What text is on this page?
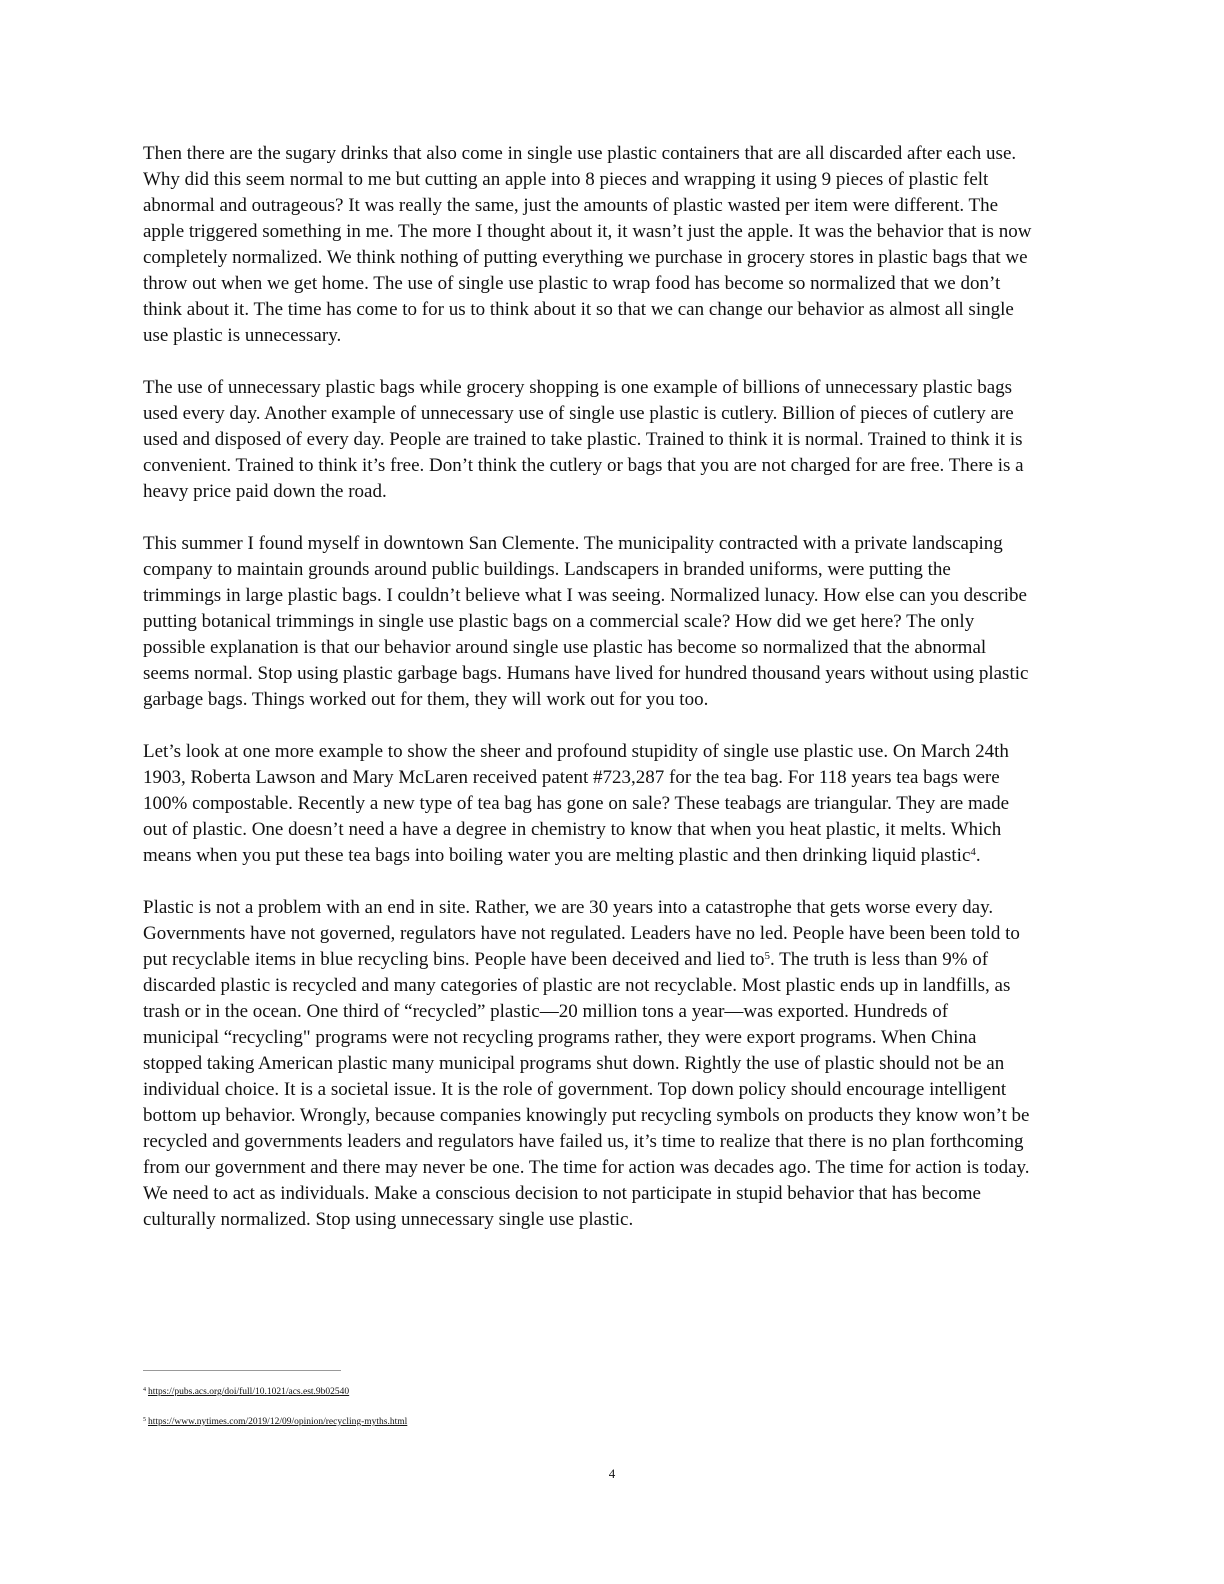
Then there are the sugary drinks that also come in single use plastic containers that are all discarded after each use.
Why did this seem normal to me but cutting an apple into 8 pieces and wrapping it using 9 pieces of plastic felt
abnormal and outrageous? It was really the same, just the amounts of plastic wasted per item were different. The
apple triggered something in me. The more I thought about it, it wasn’t just the apple. It was the behavior that is now
completely normalized. We think nothing of putting everything we purchase in grocery stores in plastic bags that we
throw out when we get home. The use of single use plastic to wrap food has become so normalized that we don’t
think about it. The time has come to for us to think about it so that we can change our behavior as almost all single
use plastic is unnecessary.

The use of unnecessary plastic bags while grocery shopping is one example of billions of unnecessary plastic bags
used every day. Another example of unnecessary use of single use plastic is cutlery. Billion of pieces of cutlery are
used and disposed of every day. People are trained to take plastic. Trained to think it is normal. Trained to think it is
convenient. Trained to think it’s free. Don’t think the cutlery or bags that you are not charged for are free. There is a
heavy price paid down the road.

This summer I found myself in downtown San Clemente. The municipality contracted with a private landscaping
company to maintain grounds around public buildings. Landscapers in branded uniforms, were putting the
trimmings in large plastic bags. I couldn’t believe what I was seeing. Normalized lunacy. How else can you describe
putting botanical trimmings in single use plastic bags on a commercial scale? How did we get here? The only
possible explanation is that our behavior around single use plastic has become so normalized that the abnormal
seems normal. Stop using plastic garbage bags. Humans have lived for hundred thousand years without using plastic
garbage bags. Things worked out for them, they will work out for you too.

Let’s look at one more example to show the sheer and profound stupidity of single use plastic use. On March 24th
1903, Roberta Lawson and Mary McLaren received patent #723,287 for the tea bag. For 118 years tea bags were
100% compostable. Recently a new type of tea bag has gone on sale? These teabags are triangular. They are made
out of plastic. One doesn’t need a have a degree in chemistry to know that when you heat plastic, it melts. Which
means when you put these tea bags into boiling water you are melting plastic and then drinking liquid plastic$^4$.

Plastic is not a problem with an end in site. Rather, we are 30 years into a catastrophe that gets worse every day.
Governments have not governed, regulators have not regulated. Leaders have no led. People have been been told to
put recyclable items in blue recycling bins. People have been deceived and lied to$^5$. The truth is less than 9% of
discarded plastic is recycled and many categories of plastic are not recyclable. Most plastic ends up in landfills, as
trash or in the ocean. One third of “recycled” plastic—20 million tons a year—was exported. Hundreds of
municipal “recycling" programs were not recycling programs rather, they were export programs. When China
stopped taking American plastic many municipal programs shut down. Rightly the use of plastic should not be an
individual choice. It is a societal issue. It is the role of government. Top down policy should encourage intelligent
bottom up behavior. Wrongly, because companies knowingly put recycling symbols on products they know won’t be
recycled and governments leaders and regulators have failed us, it’s time to realize that there is no plan forthcoming
from our government and there may never be one. The time for action was decades ago. The time for action is today.
We need to act as individuals. Make a conscious decision to not participate in stupid behavior that has become
culturally normalized. Stop using unnecessary single use plastic.

$^4$ https://pubs.acs.org/doi/full/10.1021/acs.est.9b02540
$^5$ https://www.nytimes.com/2019/12/09/opinion/recycling-myths.html
4
